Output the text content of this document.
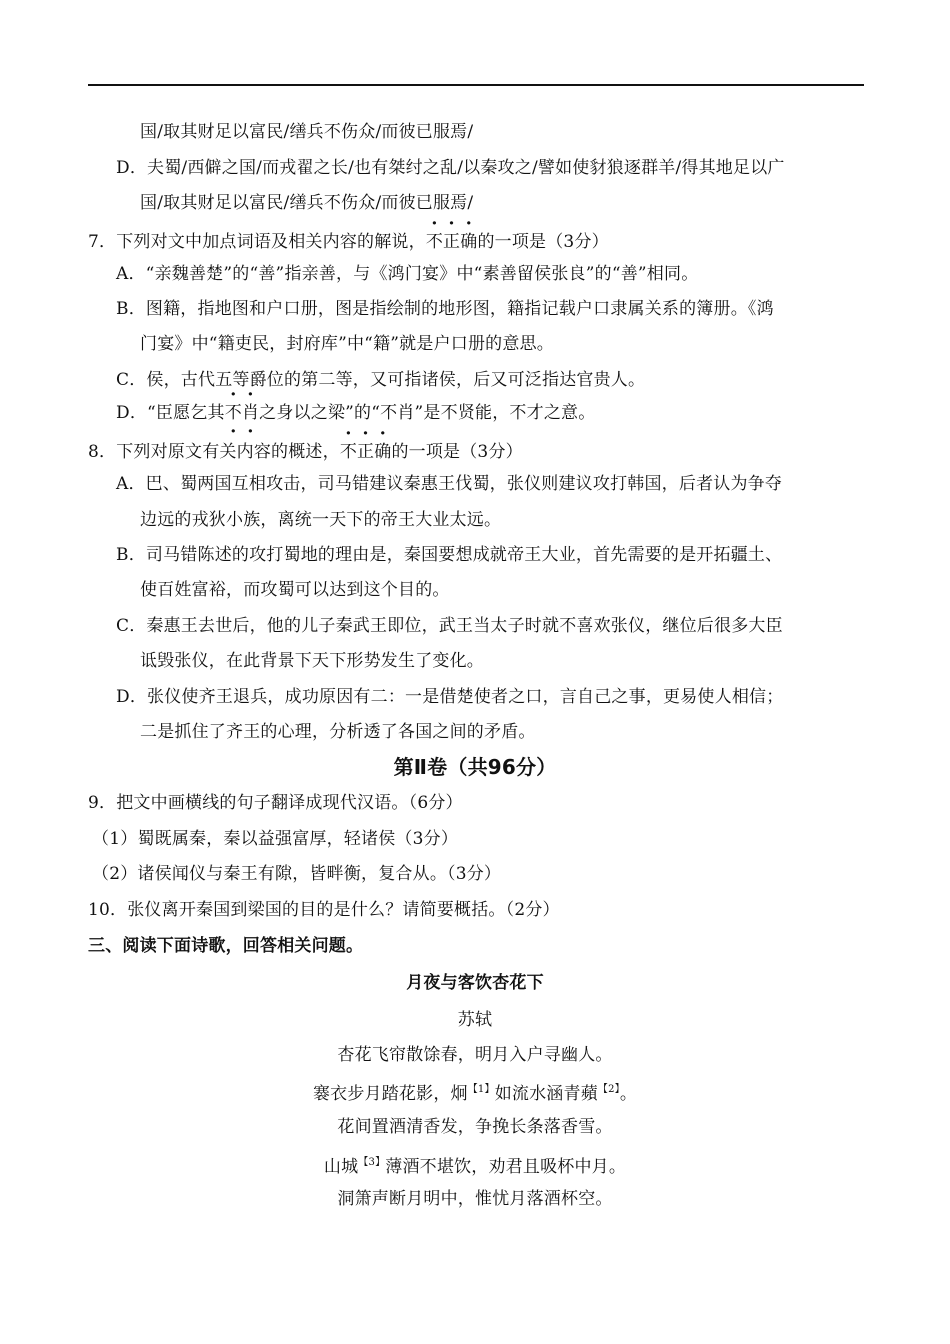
国/取其财足以富民/缮兵不伤众/而彼已服焉/
D．夫蜀/西僻之国/而戎翟之长/也有桀纣之乱/以秦攻之/譬如使豺狼逐群羊/得其地足以广
国/取其财足以富民/缮兵不伤众/而彼已服焉/
7．下列对文中加点词语及相关内容的解说，不正确的一项是（3分）
A．“亲魏善楚”的“善”指亲善，与《鸿门宴》中“素善留侯张良”的“善”相同。
B．图籍，指地图和户口册，图是指绘制的地形图，籍指记载户口隶属关系的簿册。《鸿
门宴》中“籍吏民，封府库”中“籍”就是户口册的意思。
C．侯，古代五等爵位的第二等，又可指诸侯，后又可泛指达官贵人。
D．“臣愿乞其不肖之身以之梁”的“不肖”是不贤能，不才之意。
8．下列对原文有关内容的概述，不正确的一项是（3分）
A．巴、蜀两国互相攻击，司马错建议秦惠王伐蜀，张仪则建议攻打韩国，后者认为争夺
边远的戎狄小族，离统一天下的帝王大业太远。
B．司马错陈述的攻打蜀地的理由是，秦国要想成就帝王大业，首先需要的是开拓疆土、
使百姓富裕，而攻蜀可以达到这个目的。
C．秦惠王去世后，他的儿子秦武王即位，武王当太子时就不喜欢张仪，继位后很多大臣
诋毁张仪，在此背景下天下形势发生了变化。
D．张仪使齐王退兵，成功原因有二：一是借楚使者之口，言自己之事，更易使人相信；
二是抓住了齐王的心理，分析透了各国之间的矛盾。
第Ⅱ卷（共96分）
9．把文中画横线的句子翻译成现代汉语。（6分）
（1）蜀既属秦，秦以益强富厚，轻诸侯（3分）
（2）诸侯闻仪与秦王有隙，皆畔衡，复合从。（3分）
10．张仪离开秦国到梁国的目的是什么？请简要概括。（2分）
三、阅读下面诗歌，回答相关问题。
月夜与客饮杏花下
苏轼
杏花飞帘散馀春，明月入户寻幽人。
褰衣步月踏花影，炯$^{【1】}$如流水涵青蘋$^{【2】}$。
花间置酒清香发，争挽长条落香雪。
山城$^{【3】}$薄酒不堪饮，劝君且吸杯中月。
洞箫声断月明中，惟忧月落酒杯空。
